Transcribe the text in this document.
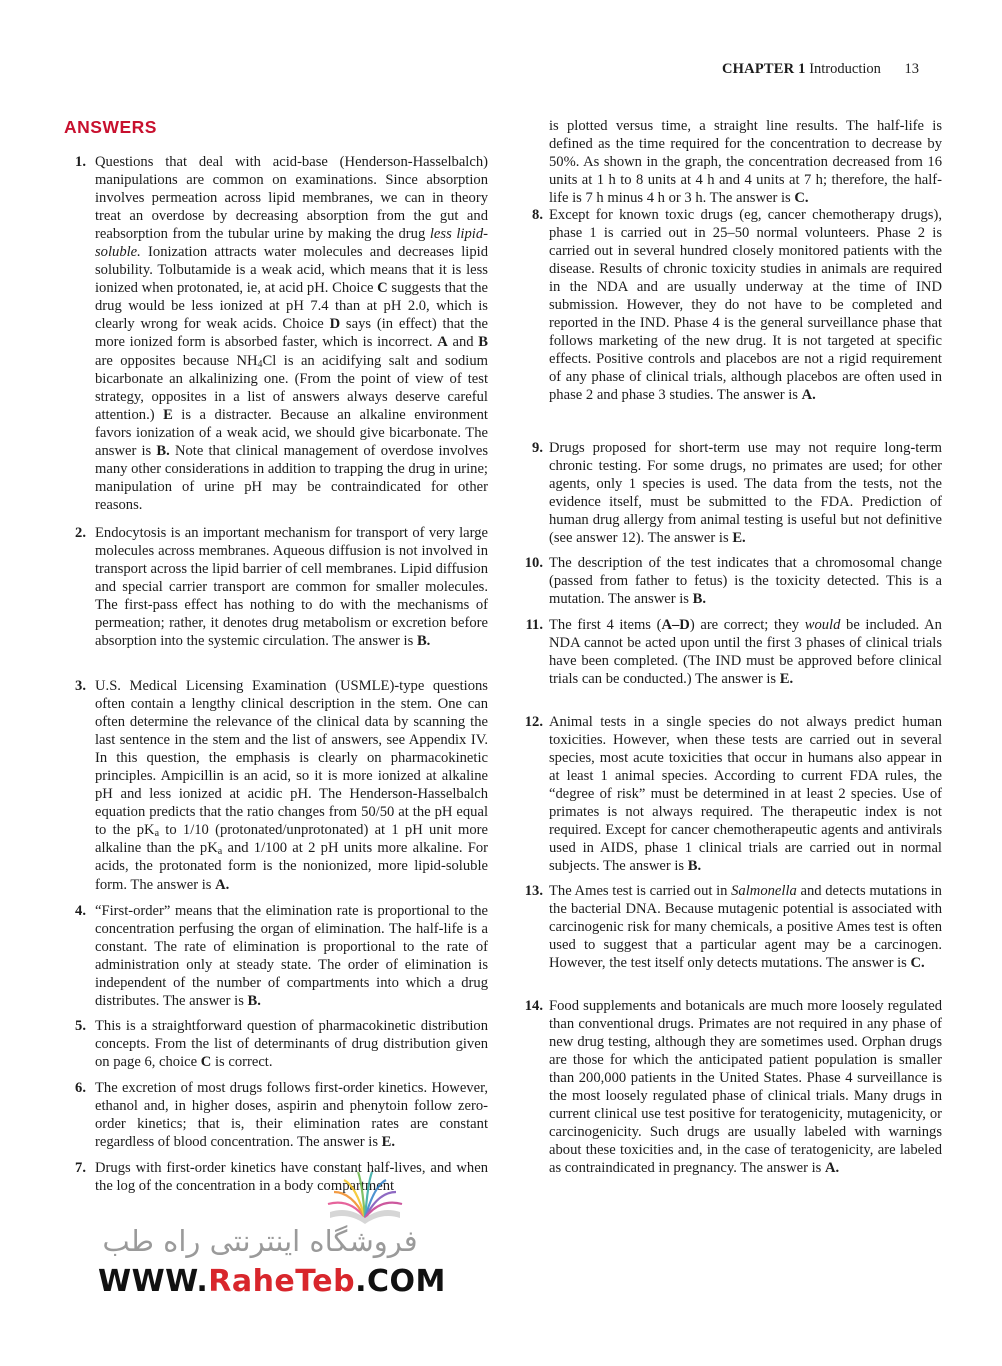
CHAPTER 1 Introduction 13
ANSWERS
1. Questions that deal with acid-base (Henderson-Hasselbalch) manipulations are common on examinations. Since absorption involves permeation across lipid membranes, we can in theory treat an overdose by decreasing absorption from the gut and reabsorption from the tubular urine by making the drug less lipid-soluble. Ionization attracts water molecules and decreases lipid solubility. Tolbutamide is a weak acid, which means that it is less ionized when protonated, ie, at acid pH. Choice C suggests that the drug would be less ionized at pH 7.4 than at pH 2.0, which is clearly wrong for weak acids. Choice D says (in effect) that the more ionized form is absorbed faster, which is incorrect. A and B are opposites because $NH_4Cl$ is an acidifying salt and sodium bicarbonate an alkalinizing one. (From the point of view of test strategy, opposites in a list of answers always deserve careful attention.) E is a distracter. Because an alkaline environment favors ionization of a weak acid, we should give bicarbonate. The answer is B. Note that clinical management of overdose involves many other considerations in addition to trapping the drug in urine; manipulation of urine pH may be contraindicated for other reasons.
2. Endocytosis is an important mechanism for transport of very large molecules across membranes. Aqueous diffusion is not involved in transport across the lipid barrier of cell membranes. Lipid diffusion and special carrier transport are common for smaller molecules. The first-pass effect has nothing to do with the mechanisms of permeation; rather, it denotes drug metabolism or excretion before absorption into the systemic circulation. The answer is B.
3. U.S. Medical Licensing Examination (USMLE)-type questions often contain a lengthy clinical description in the stem. One can often determine the relevance of the clinical data by scanning the last sentence in the stem and the list of answers, see Appendix IV. In this question, the emphasis is clearly on pharmacokinetic principles. Ampicillin is an acid, so it is more ionized at alkaline pH and less ionized at acidic pH. The Henderson-Hasselbalch equation predicts that the ratio changes from 50/50 at the pH equal to the $pK_a$ to 1/10 (protonated/unprotonated) at 1 pH unit more alkaline than the $pK_a$ and 1/100 at 2 pH units more alkaline. For acids, the protonated form is the nonionized, more lipid-soluble form. The answer is A.
4. “First-order” means that the elimination rate is proportional to the concentration perfusing the organ of elimination. The half-life is a constant. The rate of elimination is proportional to the rate of administration only at steady state. The order of elimination is independent of the number of compartments into which a drug distributes. The answer is B.
5. This is a straightforward question of pharmacokinetic distribution concepts. From the list of determinants of drug distribution given on page 6, choice C is correct.
6. The excretion of most drugs follows first-order kinetics. However, ethanol and, in higher doses, aspirin and phenytoin follow zero-order kinetics; that is, their elimination rates are constant regardless of blood concentration. The answer is E.
7. Drugs with first-order kinetics have constant half-lives, and when the log of the concentration in a body compartment
is plotted versus time, a straight line results. The half-life is defined as the time required for the concentration to decrease by 50%. As shown in the graph, the concentration decreased from 16 units at 1 h to 8 units at 4 h and 4 units at 7 h; therefore, the half-life is 7 h minus 4 h or 3 h. The answer is C.
8. Except for known toxic drugs (eg, cancer chemotherapy drugs), phase 1 is carried out in 25–50 normal volunteers. Phase 2 is carried out in several hundred closely monitored patients with the disease. Results of chronic toxicity studies in animals are required in the NDA and are usually underway at the time of IND submission. However, they do not have to be completed and reported in the IND. Phase 4 is the general surveillance phase that follows marketing of the new drug. It is not targeted at specific effects. Positive controls and placebos are not a rigid requirement of any phase of clinical trials, although placebos are often used in phase 2 and phase 3 studies. The answer is A.
9. Drugs proposed for short-term use may not require long-term chronic testing. For some drugs, no primates are used; for other agents, only 1 species is used. The data from the tests, not the evidence itself, must be submitted to the FDA. Prediction of human drug allergy from animal testing is useful but not definitive (see answer 12). The answer is E.
10. The description of the test indicates that a chromosomal change (passed from father to fetus) is the toxicity detected. This is a mutation. The answer is B.
11. The first 4 items (A–D) are correct; they would be included. An NDA cannot be acted upon until the first 3 phases of clinical trials have been completed. (The IND must be approved before clinical trials can be conducted.) The answer is E.
12. Animal tests in a single species do not always predict human toxicities. However, when these tests are carried out in several species, most acute toxicities that occur in humans also appear in at least 1 animal species. According to current FDA rules, the “degree of risk” must be determined in at least 2 species. Use of primates is not always required. The therapeutic index is not required. Except for cancer chemotherapeutic agents and antivirals used in AIDS, phase 1 clinical trials are carried out in normal subjects. The answer is B.
13. The Ames test is carried out in Salmonella and detects mutations in the bacterial DNA. Because mutagenic potential is associated with carcinogenic risk for many chemicals, a positive Ames test is often used to suggest that a particular agent may be a carcinogen. However, the test itself only detects mutations. The answer is C.
14. Food supplements and botanicals are much more loosely regulated than conventional drugs. Primates are not required in any phase of new drug testing, although they are sometimes used. Orphan drugs are those for which the anticipated patient population is smaller than 200,000 patients in the United States. Phase 4 surveillance is the most loosely regulated phase of clinical trials. Many drugs in current clinical use test positive for teratogenicity, mutagenicity, or carcinogenicity. Such drugs are usually labeled with warnings about these toxicities and, in the case of teratogenicity, are labeled as contraindicated in pregnancy. The answer is A.
فروشگاه اینترنتی راه طب
WWW.RaheTeb.COM
